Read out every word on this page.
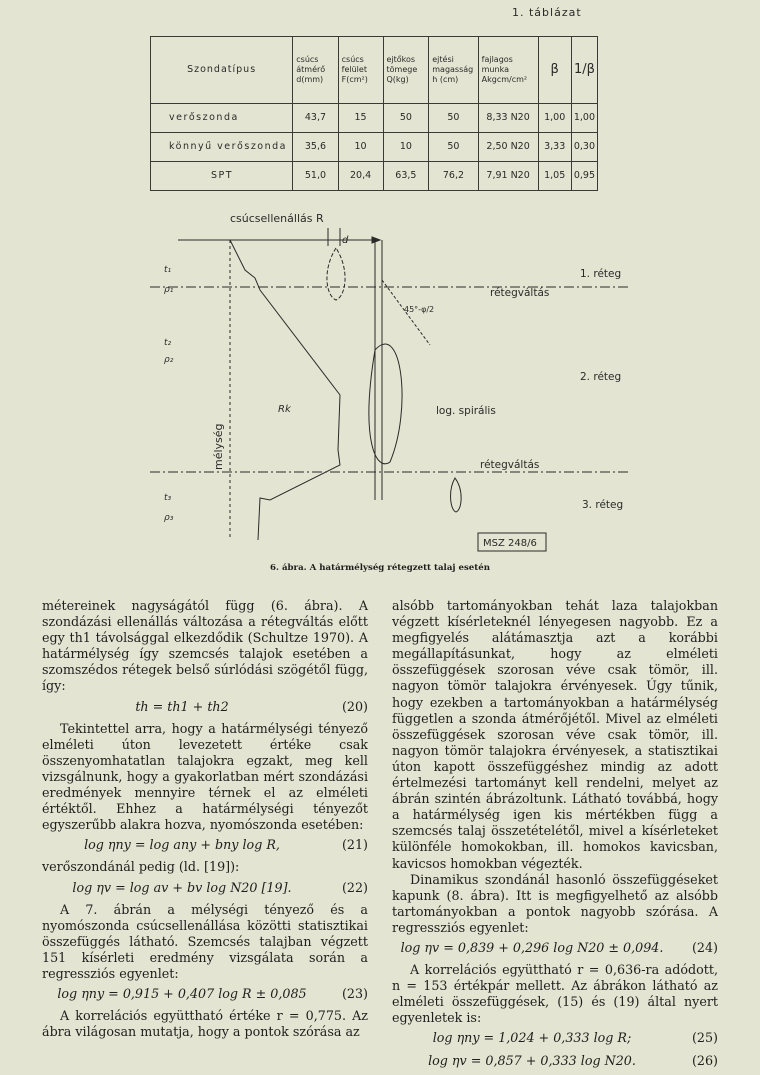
1. táblázat
Szondatípus	csúcs átmérő d(mm)	csúcs felület F(cm²)	ejtőkos tömege Q(kg)	ejtési magasság h (cm)	fajlagos munka Akgcm/cm²	β	1/β
verőszonda	43,7	15	50	50	8,33 N20	1,00	1,00
könnyű verőszonda	35,6	10	10	50	2,50 N20	3,33	0,30
SPT	51,0	20,4	63,5	76,2	7,91 N20	1,05	0,95
csúcsellenállás R
d
mélység
1. réteg
rétegváltás
2. réteg
rétegváltás
3. réteg
log. spirális
45°-φ/2
Rk
t₁
ρ₁
t₂
ρ₂
t₃
ρ₃
MSZ 248/6
6. ábra. A határmélység rétegzett talaj esetén

métereinek nagyságától függ (6. ábra). A szondázási ellenállás változása a rétegváltás előtt egy th1 távolsággal elkezdődik (Schultze 1970). A határmélység így szemcsés talajok esetében a szomszédos rétegek belső súrlódási szögétől függ, így:

th = th1 + th2	(20)

Tekintettel arra, hogy a határmélységi tényező elméleti úton levezetett értéke csak összenyomhatatlan talajokra egzakt, meg kell vizsgálnunk, hogy a gyakorlatban mért szondázási eredmények mennyire térnek el az elméleti értéktől. Ehhez a határmélységi tényezőt egyszerűbb alakra hozva, nyomószonda esetében:

log ηny = log any + bny log R,	(21)

verőszondánál pedig (ld. [19]):

log ηv = log av + bv log N20 [19].	(22)

A 7. ábrán a mélységi tényező és a nyomószonda csúcsellenállása közötti statisztikai összefüggés látható. Szemcsés talajban végzett 151 kísérleti eredmény vizsgálata során a regressziós egyenlet:

log ηny = 0,915 + 0,407 log R ± 0,085	(23)

A korrelációs együttható értéke r = 0,775. Az ábra világosan mutatja, hogy a pontok szórása az

alsóbb tartományokban tehát laza talajokban végzett kísérleteknél lényegesen nagyobb. Ez a megfigyelés alátámasztja azt a korábbi megállapításunkat, hogy az elméleti összefüggések szorosan véve csak tömör, ill. nagyon tömör talajokra érvényesek. Úgy tűnik, hogy ezekben a tartományokban a határmélység független a szonda átmérőjétől. Mivel az elméleti összefüggések szorosan véve csak tömör, ill. nagyon tömör talajokra érvényesek, a statisztikai úton kapott összefüggéshez mindig az adott értelmezési tartományt kell rendelni, melyet az ábrán szintén ábrázoltunk. Látható továbbá, hogy a határmélység igen kis mértékben függ a szemcsés talaj összetételétől, mivel a kísérleteket különféle homokokban, ill. homokos kavicsban, kavicsos homokban végezték.

Dinamikus szondánál hasonló összefüggéseket kapunk (8. ábra). Itt is megfigyelhető az alsóbb tartományokban a pontok nagyobb szórása. A regressziós egyenlet:

log ηv = 0,839 + 0,296 log N20 ± 0,094.	(24)

A korrelációs együttható r = 0,636-ra adódott, n = 153 értékpár mellett. Az ábrákon látható az elméleti összefüggések, (15) és (19) által nyert egyenletek is:

log ηny = 1,024 + 0,333 log R;	(25)
log ηv = 0,857 + 0,333 log N20.	(26)
